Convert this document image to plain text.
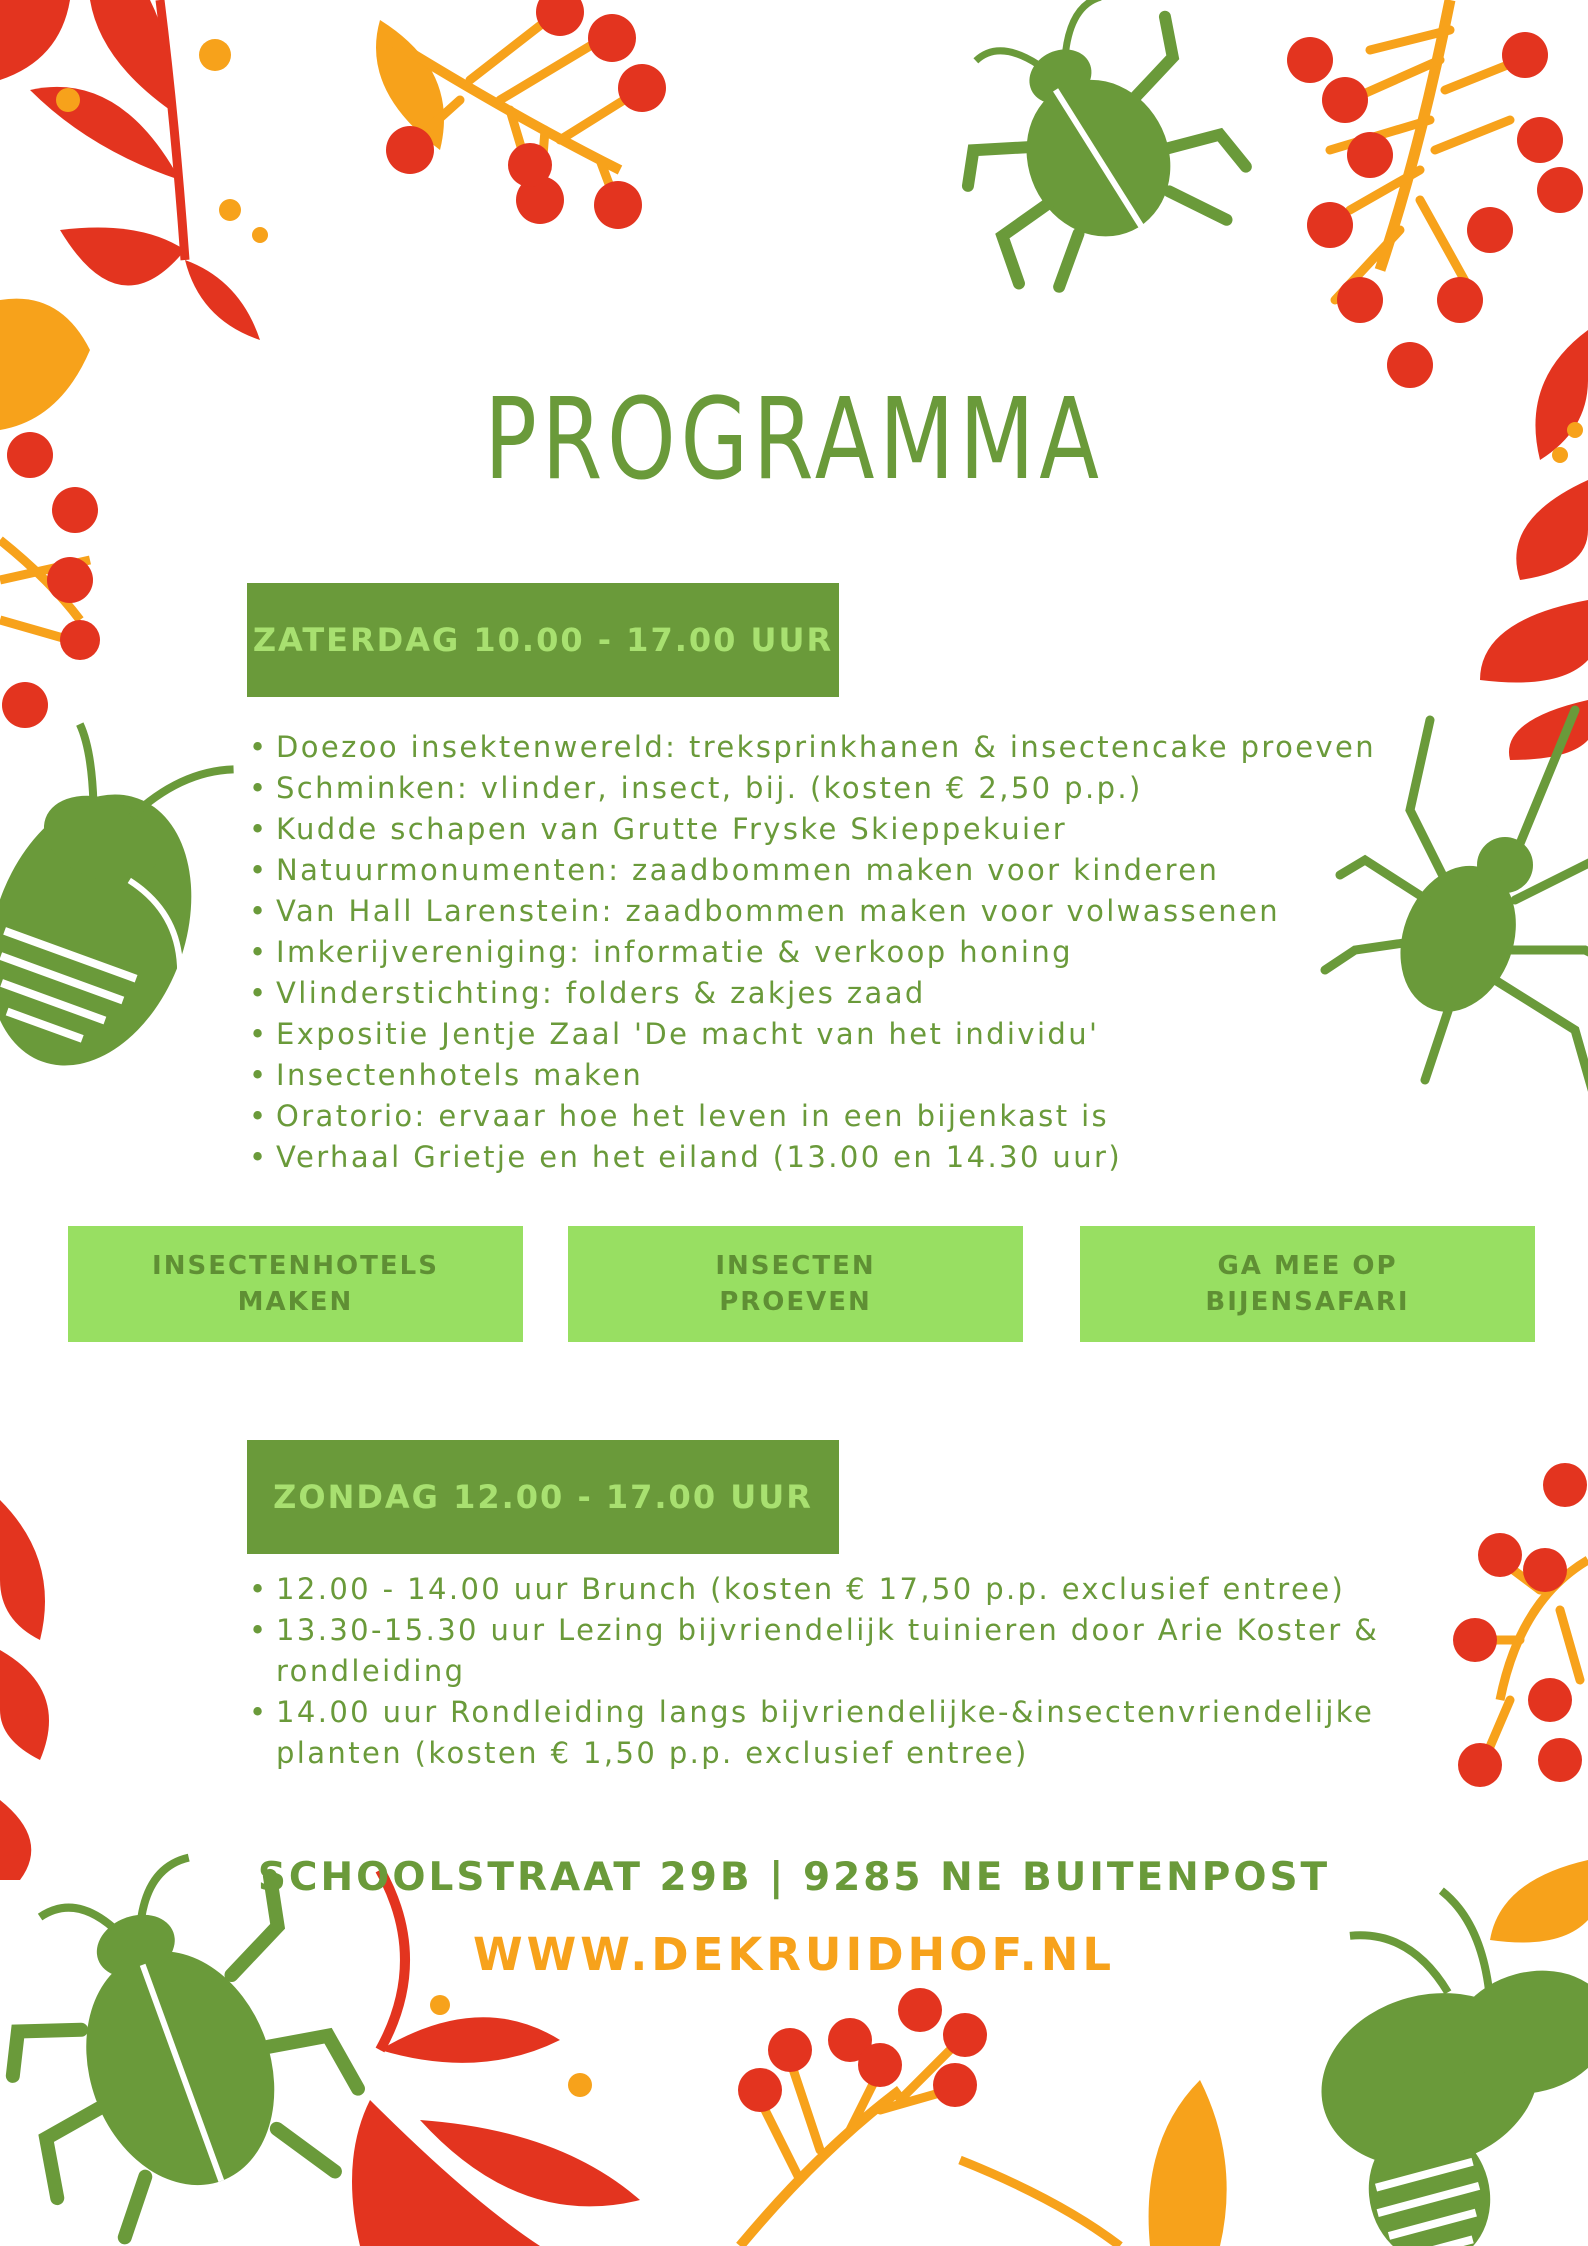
PROGRAMMA
ZATERDAG 10.00 - 17.00 UUR
• Doezoo insektenwereld: treksprinkhanen & insectencake proeven
• Schminken: vlinder, insect, bij. (kosten € 2,50 p.p.)
• Kudde schapen van Grutte Fryske Skieppekuier
• Natuurmonumenten: zaadbommen maken voor kinderen
• Van Hall Larenstein: zaadbommen maken voor volwassenen
• Imkerijvereniging: informatie & verkoop honing
• Vlinderstichting: folders & zakjes zaad
• Expositie Jentje Zaal 'De macht van het individu'
• Insectenhotels maken
• Oratorio: ervaar hoe het leven in een bijenkast is
• Verhaal Grietje en het eiland (13.00 en 14.30 uur)
INSECTENHOTELS MAKEN
INSECTEN PROEVEN
GA MEE OP BIJENSAFARI
ZONDAG 12.00 - 17.00 UUR
• 12.00 - 14.00 uur Brunch (kosten € 17,50 p.p. exclusief entree)
• 13.30-15.30 uur Lezing bijvriendelijk tuinieren door Arie Koster & rondleiding
• 14.00 uur Rondleiding langs bijvriendelijke-&insectenvriendelijke planten (kosten € 1,50 p.p. exclusief entree)
SCHOOLSTRAAT 29B | 9285 NE BUITENPOST
WWW.DEKRUIDHOF.NL
